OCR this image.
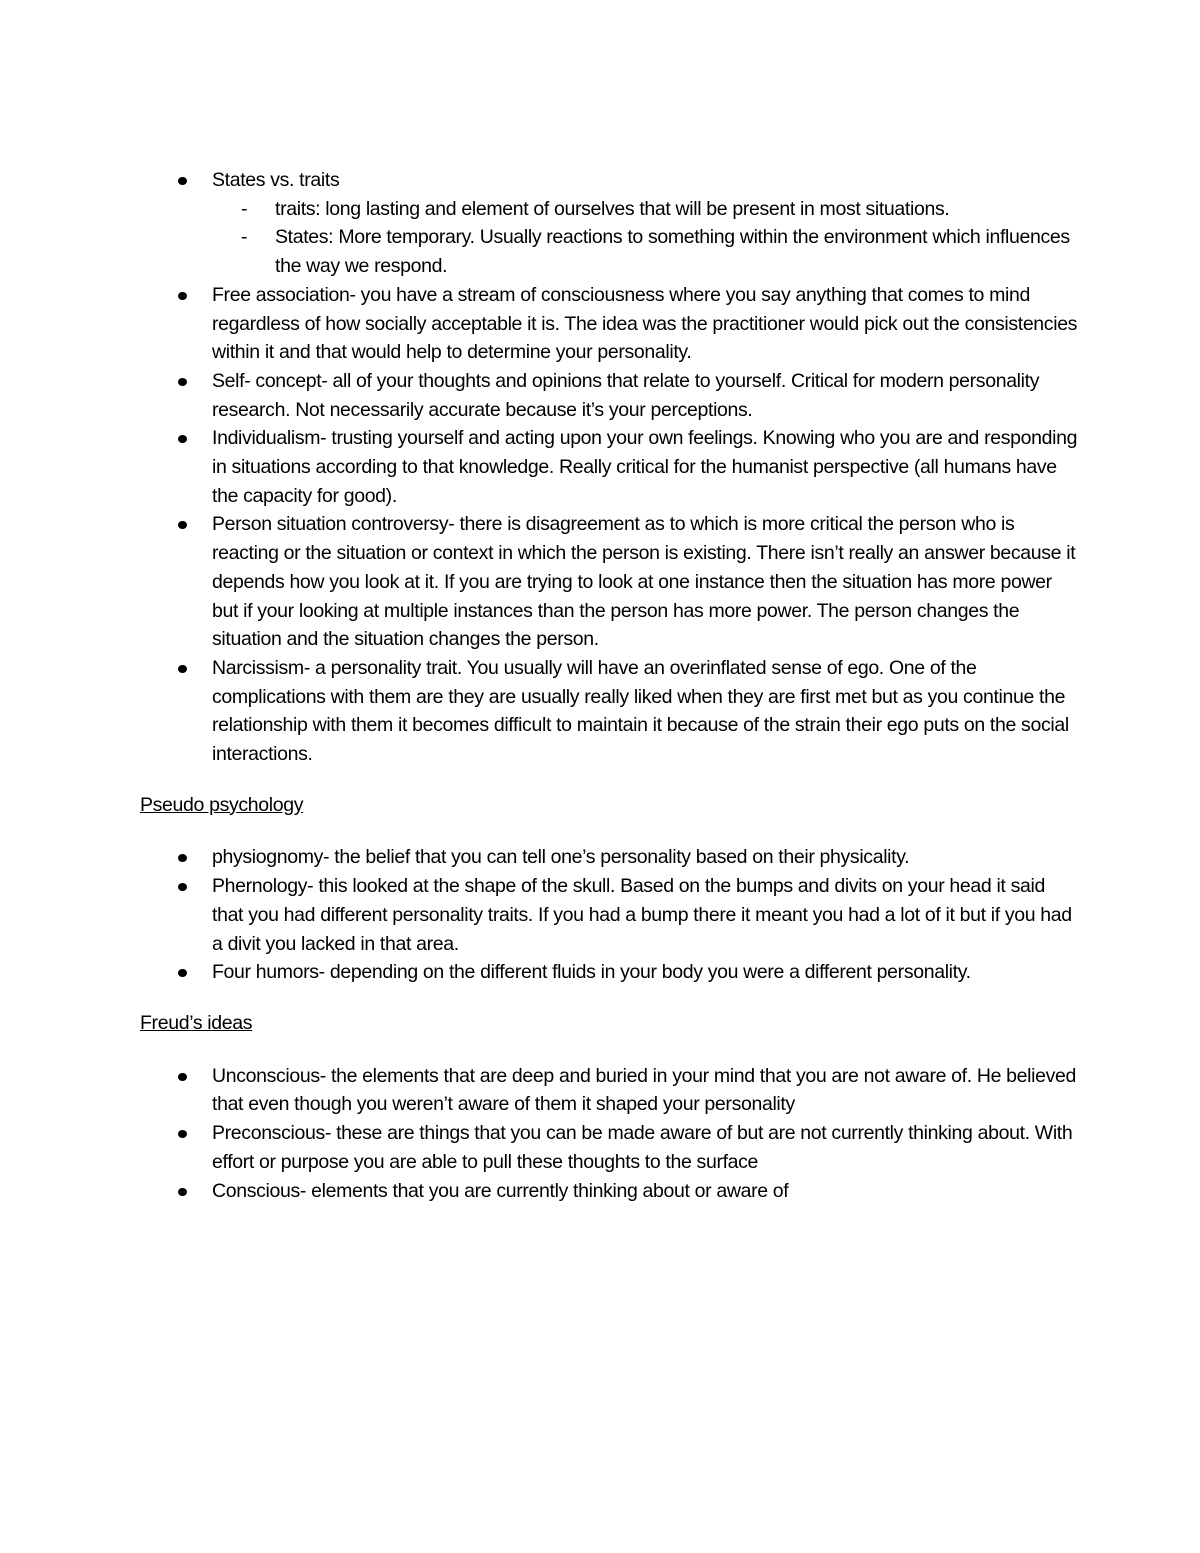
States vs. traits
- traits: long lasting and element of ourselves that will be present in most situations.
- States: More temporary. Usually reactions to something within the environment which influences the way we respond.
Free association- you have a stream of consciousness where you say anything that comes to mind regardless of how socially acceptable it is. The idea was the practitioner would pick out the consistencies within it and that would help to determine your personality.
Self- concept- all of your thoughts and opinions that relate to yourself. Critical for modern personality research. Not necessarily accurate because it’s your perceptions.
Individualism- trusting yourself and acting upon your own feelings. Knowing who you are and responding in situations according to that knowledge. Really critical for the humanist perspective (all humans have the capacity for good).
Person situation controversy- there is disagreement as to which is more critical the person who is reacting or the situation or context in which the person is existing. There isn’t really an answer because it depends how you look at it. If you are trying to look at one instance then the situation has more power but if your looking at multiple instances than the person has more power. The person changes the situation and the situation changes the person.
Narcissism- a personality trait. You usually will have an overinflated sense of ego. One of the complications with them are they are usually really liked when they are first met but as you continue the relationship with them it becomes difficult to maintain it because of the strain their ego puts on the social interactions.

Pseudo psychology

physiognomy- the belief that you can tell one’s personality based on their physicality.
Phernology- this looked at the shape of the skull. Based on the bumps and divits on your head it said that you had different personality traits. If you had a bump there it meant you had a lot of it but if you had a divit you lacked in that area.
Four humors- depending on the different fluids in your body you were a different personality.

Freud’s ideas

Unconscious- the elements that are deep and buried in your mind that you are not aware of. He believed that even though you weren’t aware of them it shaped your personality
Preconscious- these are things that you can be made aware of but are not currently thinking about. With effort or purpose you are able to pull these thoughts to the surface
Conscious- elements that you are currently thinking about or aware of
